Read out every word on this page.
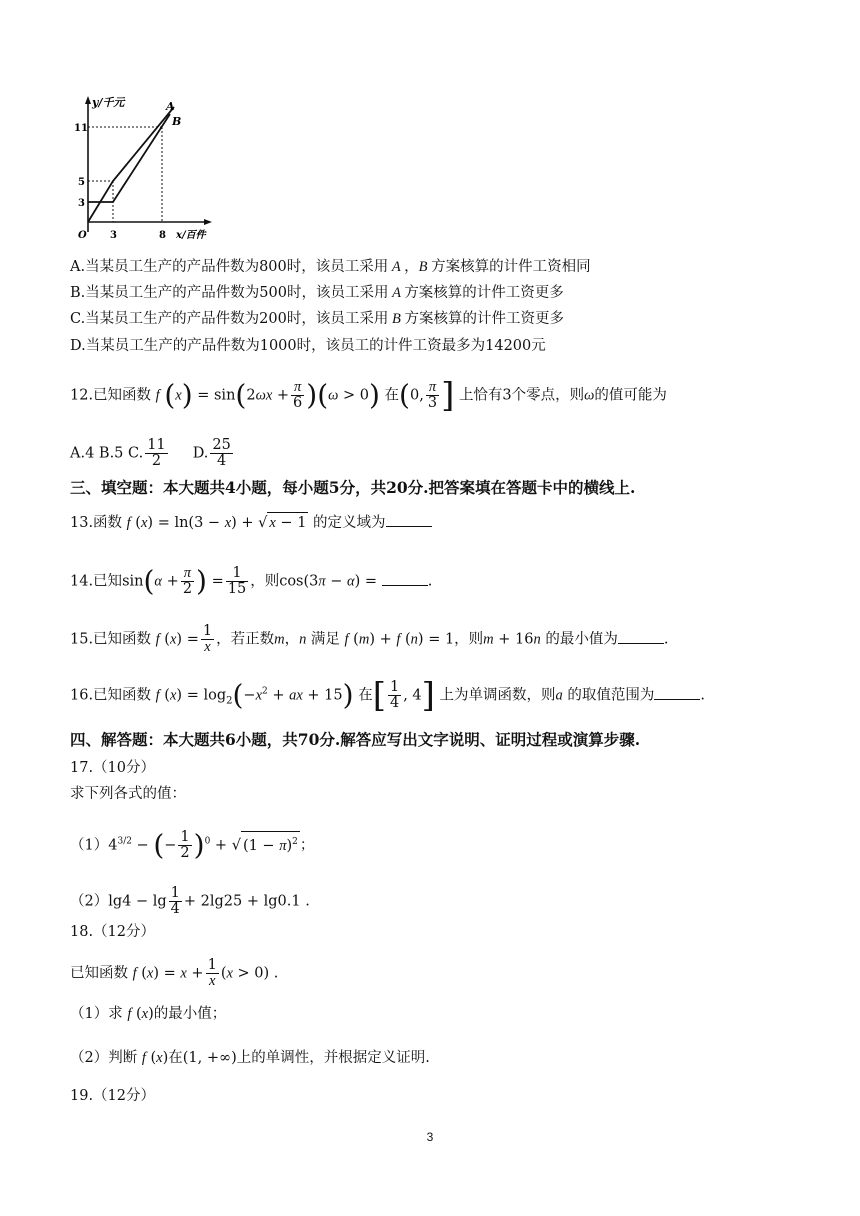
y/千元
x/百件
11
5
3
O 3	8
A
B
A.当某员工生产的产品件数为800时，该员工采用 A ，B 方案核算的计件工资相同
B.当某员工生产的产品件数为500时，该员工采用 A 方案核算的计件工资更多
C.当某员工生产的产品件数为200时，该员工采用 B 方案核算的计件工资更多
D.当某员工生产的产品件数为1000时，该员工的计件工资最多为14200元
12.已知函数 f $(x) = \sin(2\omega x + \frac{\pi}{6} )(\omega > 0)$ 在(0, $\frac{\pi}{3}$ ] 上恰有3个零点，则ω的值可能为
A.4 B.5 C. $\frac{11}{2} D$. $\frac{25}{4}$
三、填空题：本大题共4小题，每小题5分，共20分.把答案填在答题卡中的横线上.
13.函数 f (x) = ln(3 − x) + √ x − 1 的定义域为
14.已知$\sin(\alpha + \frac{\pi}{2}$ ) = $\frac{1}{15}$ ，则cos(3π − α) =	.
15.已知函数 f $(x) = \frac{1}{x}$ ，若正数m，n 满足 f (m) + f (n) = 1，则m + 16n 的最小值为	.
16.已知函数 f $(x) = \log_2(-x^2$ + ax + 15) 在[ $\frac{1}{4}$ , 4] 上为单调函数，则a 的取值范围为	.
四、解答题：本大题共6小题，共70分.解答应写出文字说明、证明过程或演算步骤.
17.（10分）
求下列各式的值：
$(1)4^{3/2}$ − (− $\frac{1}{2} )^0$ + √ $(1 - \pi)^2$ ；
$(2)\lg 4 - \lg \frac{1}{4} + 2\lg 25 + \lg 0.1$ .
18.（12分）
已知函数 f $(x) = x + \frac{1}{x} (x > 0)$ .
（1）求 f (x)的最小值；
（2）判断 f (x)在(1, +∞)上的单调性，并根据定义证明.
19.（12分）
3
